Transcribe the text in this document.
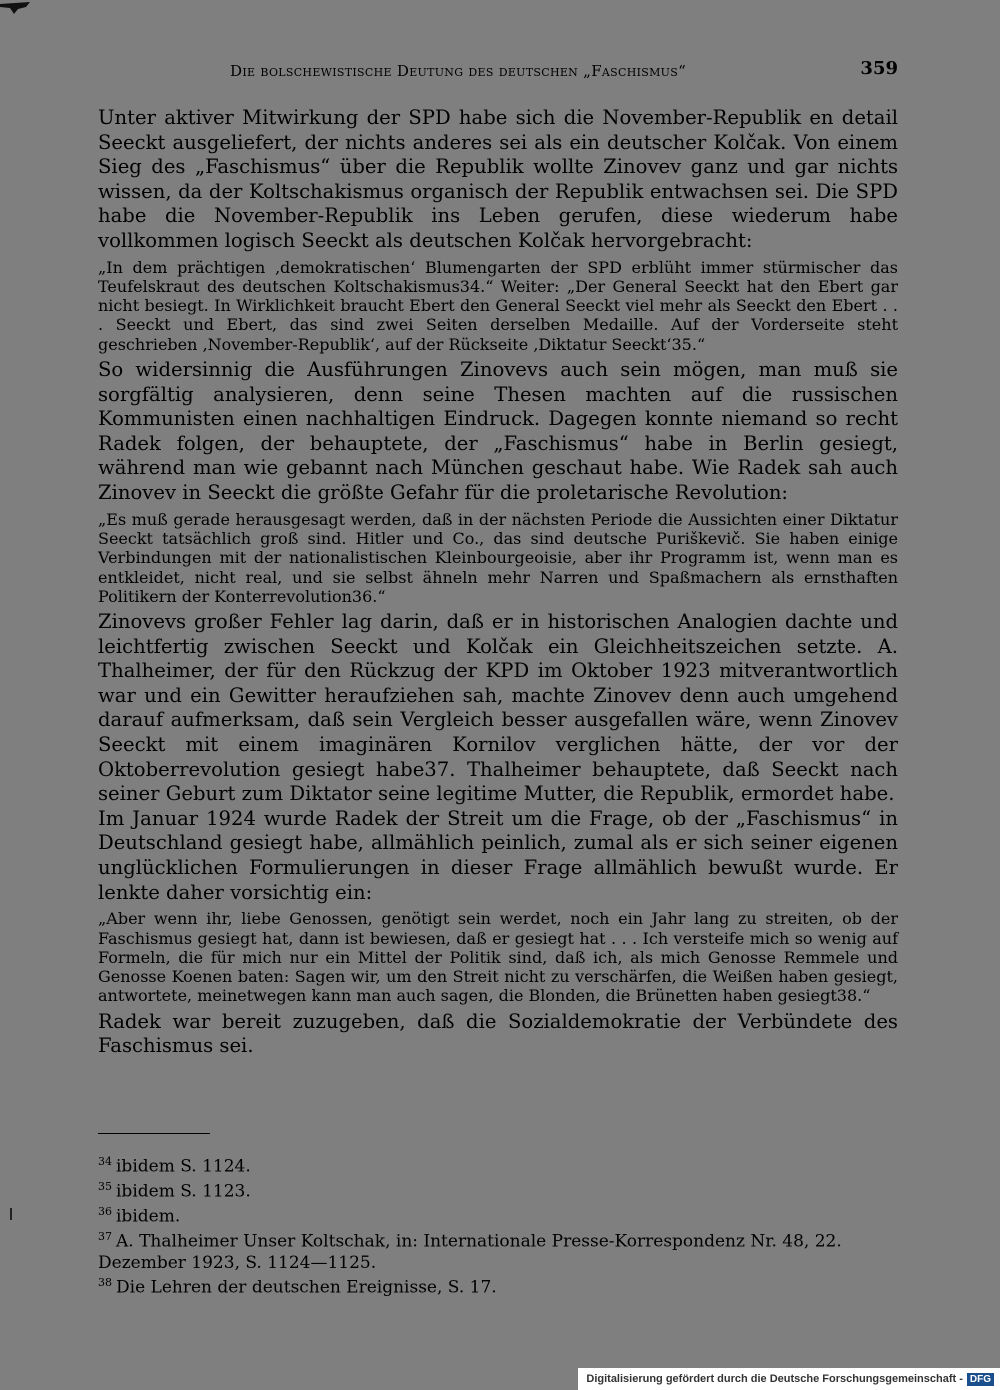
Die bolschewistische Deutung des deutschen „Faschismus“	359

Unter aktiver Mitwirkung der SPD habe sich die November-Republik en detail Seeckt ausgeliefert, der nichts anderes sei als ein deutscher Kolčak. Von einem Sieg des „Faschismus“ über die Republik wollte Zinovev ganz und gar nichts wissen, da der Koltschakismus organisch der Republik entwachsen sei. Die SPD habe die November-Republik ins Leben gerufen, diese wiederum habe vollkommen logisch Seeckt als deutschen Kolčak hervorgebracht:

„In dem prächtigen ‚demokratischen‘ Blumengarten der SPD erblüht immer stürmischer das Teufelskraut des deutschen Koltschakismus34.“ Weiter: „Der General Seeckt hat den Ebert gar nicht besiegt. In Wirklichkeit braucht Ebert den General Seeckt viel mehr als Seeckt den Ebert . . . Seeckt und Ebert, das sind zwei Seiten derselben Medaille. Auf der Vorderseite steht geschrieben ‚November-Republik‘, auf der Rückseite ‚Diktatur Seeckt‘35.“

So widersinnig die Ausführungen Zinovevs auch sein mögen, man muß sie sorgfältig analysieren, denn seine Thesen machten auf die russischen Kommunisten einen nachhaltigen Eindruck. Dagegen konnte niemand so recht Radek folgen, der behauptete, der „Faschismus“ habe in Berlin gesiegt, während man wie gebannt nach München geschaut habe. Wie Radek sah auch Zinovev in Seeckt die größte Gefahr für die proletarische Revolution:

„Es muß gerade herausgesagt werden, daß in der nächsten Periode die Aussichten einer Diktatur Seeckt tatsächlich groß sind. Hitler und Co., das sind deutsche Puriškevič. Sie haben einige Verbindungen mit der nationalistischen Kleinbourgeoisie, aber ihr Programm ist, wenn man es entkleidet, nicht real, und sie selbst ähneln mehr Narren und Spaßmachern als ernsthaften Politikern der Konterrevolution36.“

Zinovevs großer Fehler lag darin, daß er in historischen Analogien dachte und leichtfertig zwischen Seeckt und Kolčak ein Gleichheitszeichen setzte. A. Thalheimer, der für den Rückzug der KPD im Oktober 1923 mitverantwortlich war und ein Gewitter heraufziehen sah, machte Zinovev denn auch umgehend darauf aufmerksam, daß sein Vergleich besser ausgefallen wäre, wenn Zinovev Seeckt mit einem imaginären Kornilov verglichen hätte, der vor der Oktoberrevolution gesiegt habe37. Thalheimer behauptete, daß Seeckt nach seiner Geburt zum Diktator seine legitime Mutter, die Republik, ermordet habe.

Im Januar 1924 wurde Radek der Streit um die Frage, ob der „Faschismus“ in Deutschland gesiegt habe, allmählich peinlich, zumal als er sich seiner eigenen unglücklichen Formulierungen in dieser Frage allmählich bewußt wurde. Er lenkte daher vorsichtig ein:

„Aber wenn ihr, liebe Genossen, genötigt sein werdet, noch ein Jahr lang zu streiten, ob der Faschismus gesiegt hat, dann ist bewiesen, daß er gesiegt hat . . . Ich versteife mich so wenig auf Formeln, die für mich nur ein Mittel der Politik sind, daß ich, als mich Genosse Remmele und Genosse Koenen baten: Sagen wir, um den Streit nicht zu verschärfen, die Weißen haben gesiegt, antwortete, meinetwegen kann man auch sagen, die Blonden, die Brünetten haben gesiegt38.“

Radek war bereit zuzugeben, daß die Sozialdemokratie der Verbündete des Faschismus sei.

$^{34}$ ibidem S. 1124.

$^{35}$ ibidem S. 1123.

$^{36}$ ibidem.

$^{37}$ A. Thalheimer Unser Koltschak, in: Internationale Presse-Korrespondenz Nr. 48, 22. Dezember 1923, S. 1124—1125.

$^{38}$ Die Lehren der deutschen Ereignisse, S. 17.

Digitalisierung gefördert durch die Deutsche Forschungsgemeinschaft - DFG
